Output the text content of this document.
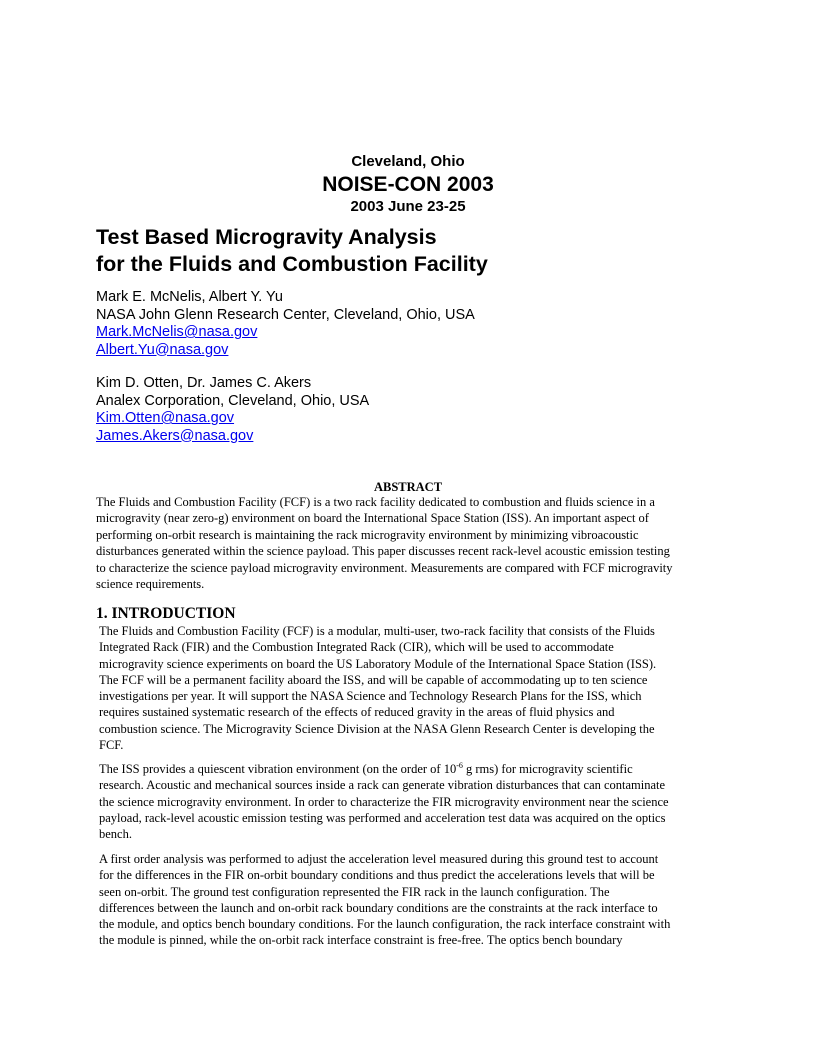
Cleveland, Ohio
NOISE-CON 2003
2003 June 23-25
Test Based Microgravity Analysis
for the Fluids and Combustion Facility
Mark E. McNelis, Albert Y. Yu
NASA John Glenn Research Center, Cleveland, Ohio, USA
Mark.McNelis@nasa.gov
Albert.Yu@nasa.gov
Kim D. Otten, Dr. James C. Akers
Analex Corporation, Cleveland, Ohio, USA
Kim.Otten@nasa.gov
James.Akers@nasa.gov
ABSTRACT
The Fluids and Combustion Facility (FCF) is a two rack facility dedicated to combustion and fluids science in a
microgravity (near zero-g) environment on board the International Space Station (ISS). An important aspect of
performing on-orbit research is maintaining the rack microgravity environment by minimizing vibroacoustic
disturbances generated within the science payload. This paper discusses recent rack-level acoustic emission testing
to characterize the science payload microgravity environment. Measurements are compared with FCF microgravity
science requirements.
1. INTRODUCTION
The Fluids and Combustion Facility (FCF) is a modular, multi-user, two-rack facility that consists of the Fluids
Integrated Rack (FIR) and the Combustion Integrated Rack (CIR), which will be used to accommodate
microgravity science experiments on board the US Laboratory Module of the International Space Station (ISS).
The FCF will be a permanent facility aboard the ISS, and will be capable of accommodating up to ten science
investigations per year. It will support the NASA Science and Technology Research Plans for the ISS, which
requires sustained systematic research of the effects of reduced gravity in the areas of fluid physics and
combustion science. The Microgravity Science Division at the NASA Glenn Research Center is developing the
FCF.
The ISS provides a quiescent vibration environment (on the order of $10^{-6}$ g rms) for microgravity scientific
research. Acoustic and mechanical sources inside a rack can generate vibration disturbances that can contaminate
the science microgravity environment. In order to characterize the FIR microgravity environment near the science
payload, rack-level acoustic emission testing was performed and acceleration test data was acquired on the optics
bench.
A first order analysis was performed to adjust the acceleration level measured during this ground test to account
for the differences in the FIR on-orbit boundary conditions and thus predict the accelerations levels that will be
seen on-orbit. The ground test configuration represented the FIR rack in the launch configuration. The
differences between the launch and on-orbit rack boundary conditions are the constraints at the rack interface to
the module, and optics bench boundary conditions. For the launch configuration, the rack interface constraint with
the module is pinned, while the on-orbit rack interface constraint is free-free. The optics bench boundary
